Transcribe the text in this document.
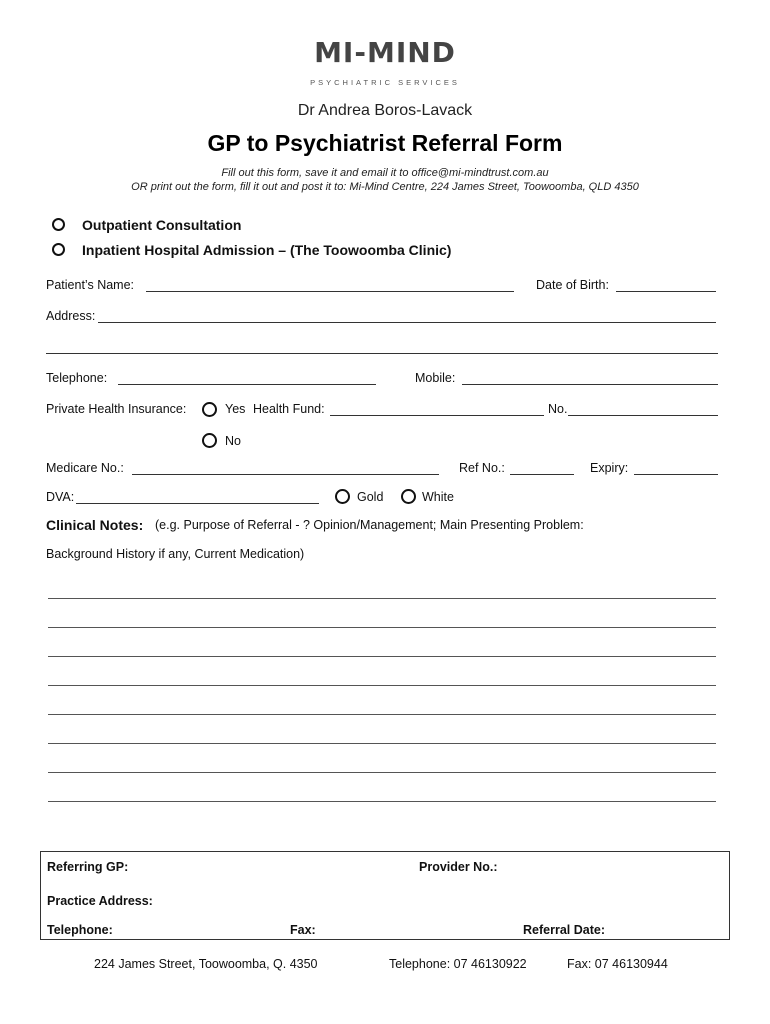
MI-MIND
PSYCHIATRIC SERVICES
Dr Andrea Boros-Lavack
GP to Psychiatrist Referral Form
Fill out this form, save it and email it to office@mi-mindtrust.com.au
OR print out the form, fill it out and post it to: Mi-Mind Centre, 224 James Street, Toowoomba, QLD 4350
Outpatient Consultation
Inpatient Hospital Admission – (The Toowoomba Clinic)
Patient’s Name:	Date of Birth:
Address:
Telephone:	Mobile:
Private Health Insurance:	Yes Health Fund:	No.
No
Medicare No.:	Ref No.:	Expiry:
DVA:	Gold	White
Clinical Notes: (e.g. Purpose of Referral - ? Opinion/Management; Main Presenting Problem:
Background History if any, Current Medication)
Referring GP:	Provider No.:
Practice Address:
Telephone:	Fax:	Referral Date:
224 James Street, Toowoomba, Q. 4350	Telephone: 07 46130922	Fax: 07 46130944
